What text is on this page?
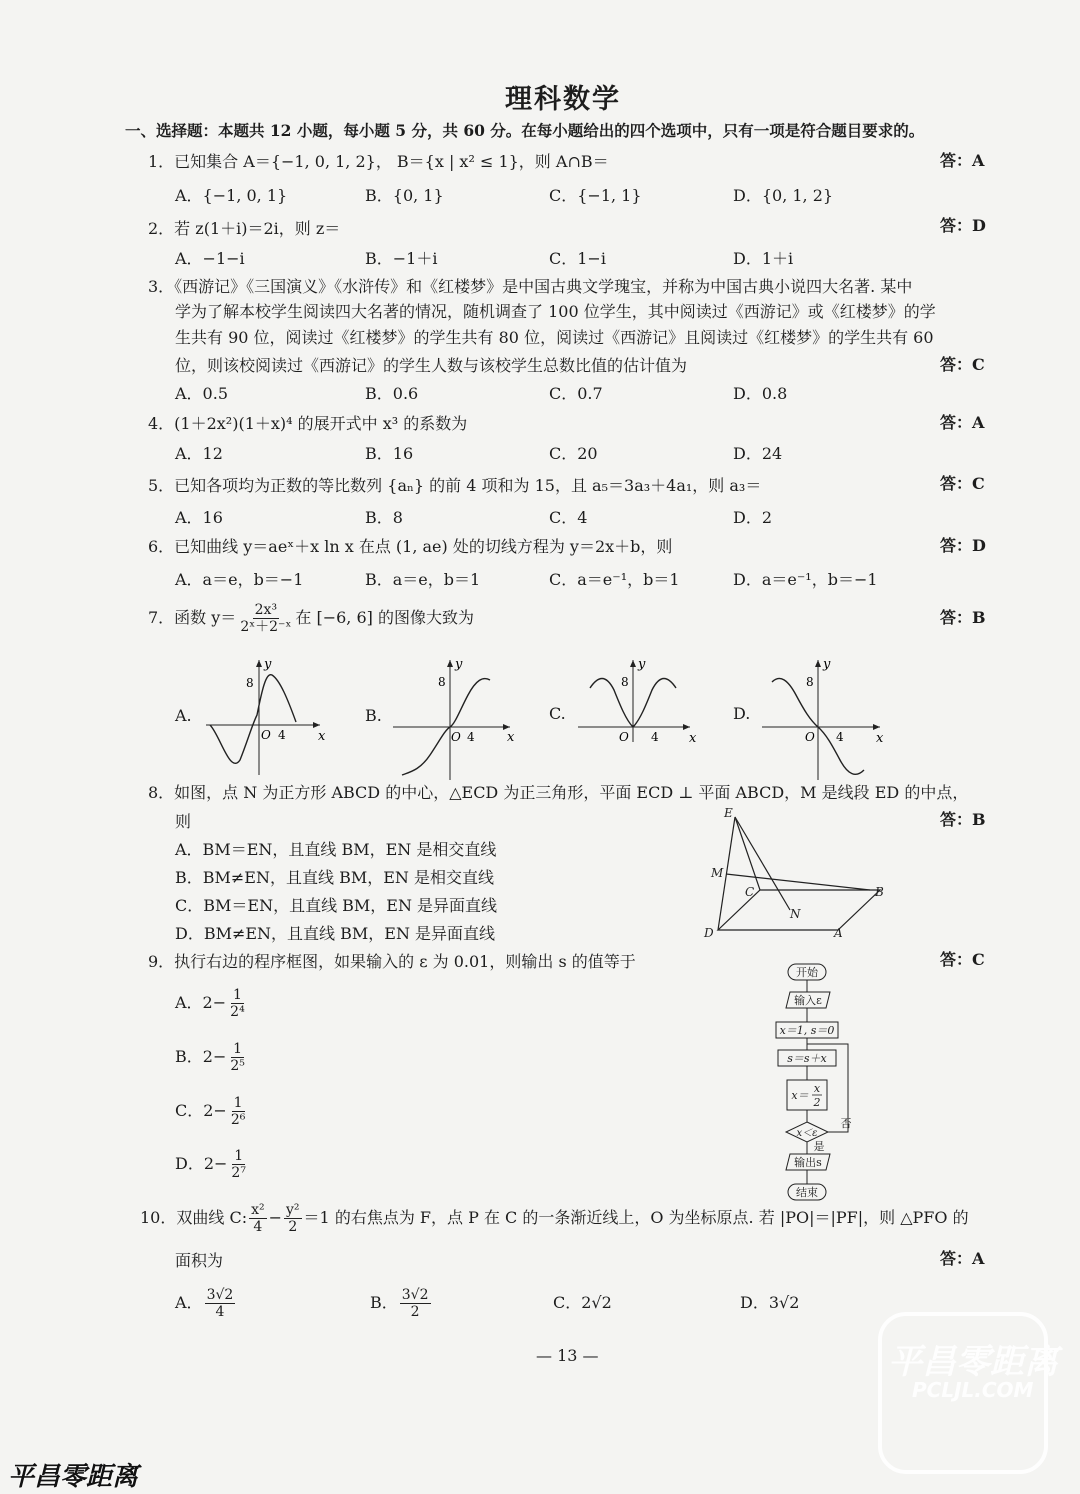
理科数学
一、选择题：本题共 12 小题，每小题 5 分，共 60 分。在每小题给出的四个选项中，只有一项是符合题目要求的。
1．已知集合 A＝{−1, 0, 1, 2}， B＝{x | x² ≤ 1}，则 A∩B＝	答：A
A．{−1, 0, 1}	B．{0, 1}	C．{−1, 1}	D．{0, 1, 2}
2．若 z(1＋i)＝2i，则 z＝	答：D
A．−1−i	B．−1＋i	C．1−i	D．1＋i
3．《西游记》《三国演义》《水浒传》和《红楼梦》是中国古典文学瑰宝，并称为中国古典小说四大名著. 某中
学为了解本校学生阅读四大名著的情况，随机调查了 100 位学生，其中阅读过《西游记》或《红楼梦》的学
生共有 90 位，阅读过《红楼梦》的学生共有 80 位，阅读过《西游记》且阅读过《红楼梦》的学生共有 60
位，则该校阅读过《西游记》的学生人数与该校学生总数比值的估计值为	答：C
A．0.5	B．0.6	C．0.7	D．0.8
4．(1＋2x²)(1＋x)⁴ 的展开式中 x³ 的系数为	答：A
A．12	B．16	C．20	D．24
5．已知各项均为正数的等比数列 {aₙ} 的前 4 项和为 15，且 a₅＝3a₃＋4a₁，则 a₃＝	答：C
A．16	B．8	C．4	D．2
6．已知曲线 y＝aeˣ＋x ln x 在点 (1, ae) 处的切线方程为 y＝2x＋b，则	答：D
A．a＝e，b＝−1	B．a＝e，b＝1	C．a＝e⁻¹，b＝1	D．a＝e⁻¹，b＝−1
7．函数 $y= \frac{\text{2x³}}{\text{2ˣ＋2⁻ˣ}}$ 在 [−6, 6] 的图像大致为	答：B
A.	B.	C.	D.
y
8
O 4 x
y
8
O 4 x
y
8
O 4 x
y
8
O 4 x
E
M
C	B
N
D	A
开始
输入ε
x＝1, s＝0
s＝s＋x
x＝
x
2
x＜ε
否
是
输出s
结束
8．如图，点 N 为正方形 ABCD 的中心，△ECD 为正三角形，平面 ECD ⊥ 平面 ABCD，M 是线段 ED 的中点，
则	答：B
A．BM＝EN，且直线 BM，EN 是相交直线
B．BM≠EN，且直线 BM，EN 是相交直线
C．BM＝EN，且直线 BM，EN 是异面直线
D．BM≠EN，且直线 BM，EN 是异面直线
9．执行右边的程序框图，如果输入的 ε 为 0.01，则输出 s 的值等于	答：C
A．$2- \frac{1}{\text{2⁴}}$
B．$2- \frac{1}{\text{2⁵}}$
C．$2- \frac{1}{\text{2⁶}}$
D．$2- \frac{1}{\text{2⁷}}$
10．双曲线 C: $\frac{\text{x²}}{4} - \frac{\text{y²}}{2} =1$ 的右焦点为 F，点 P 在 C 的一条渐近线上，O 为坐标原点. 若 |PO|＝|PF|，则 △PFO 的
面积为	答：A
A． $\frac{3√2}{4}$	B． $\frac{3√2}{2}$	C．2√2	D．3√2
— 13 —	平昌零距离
PCLJL.COM
平昌零距离
